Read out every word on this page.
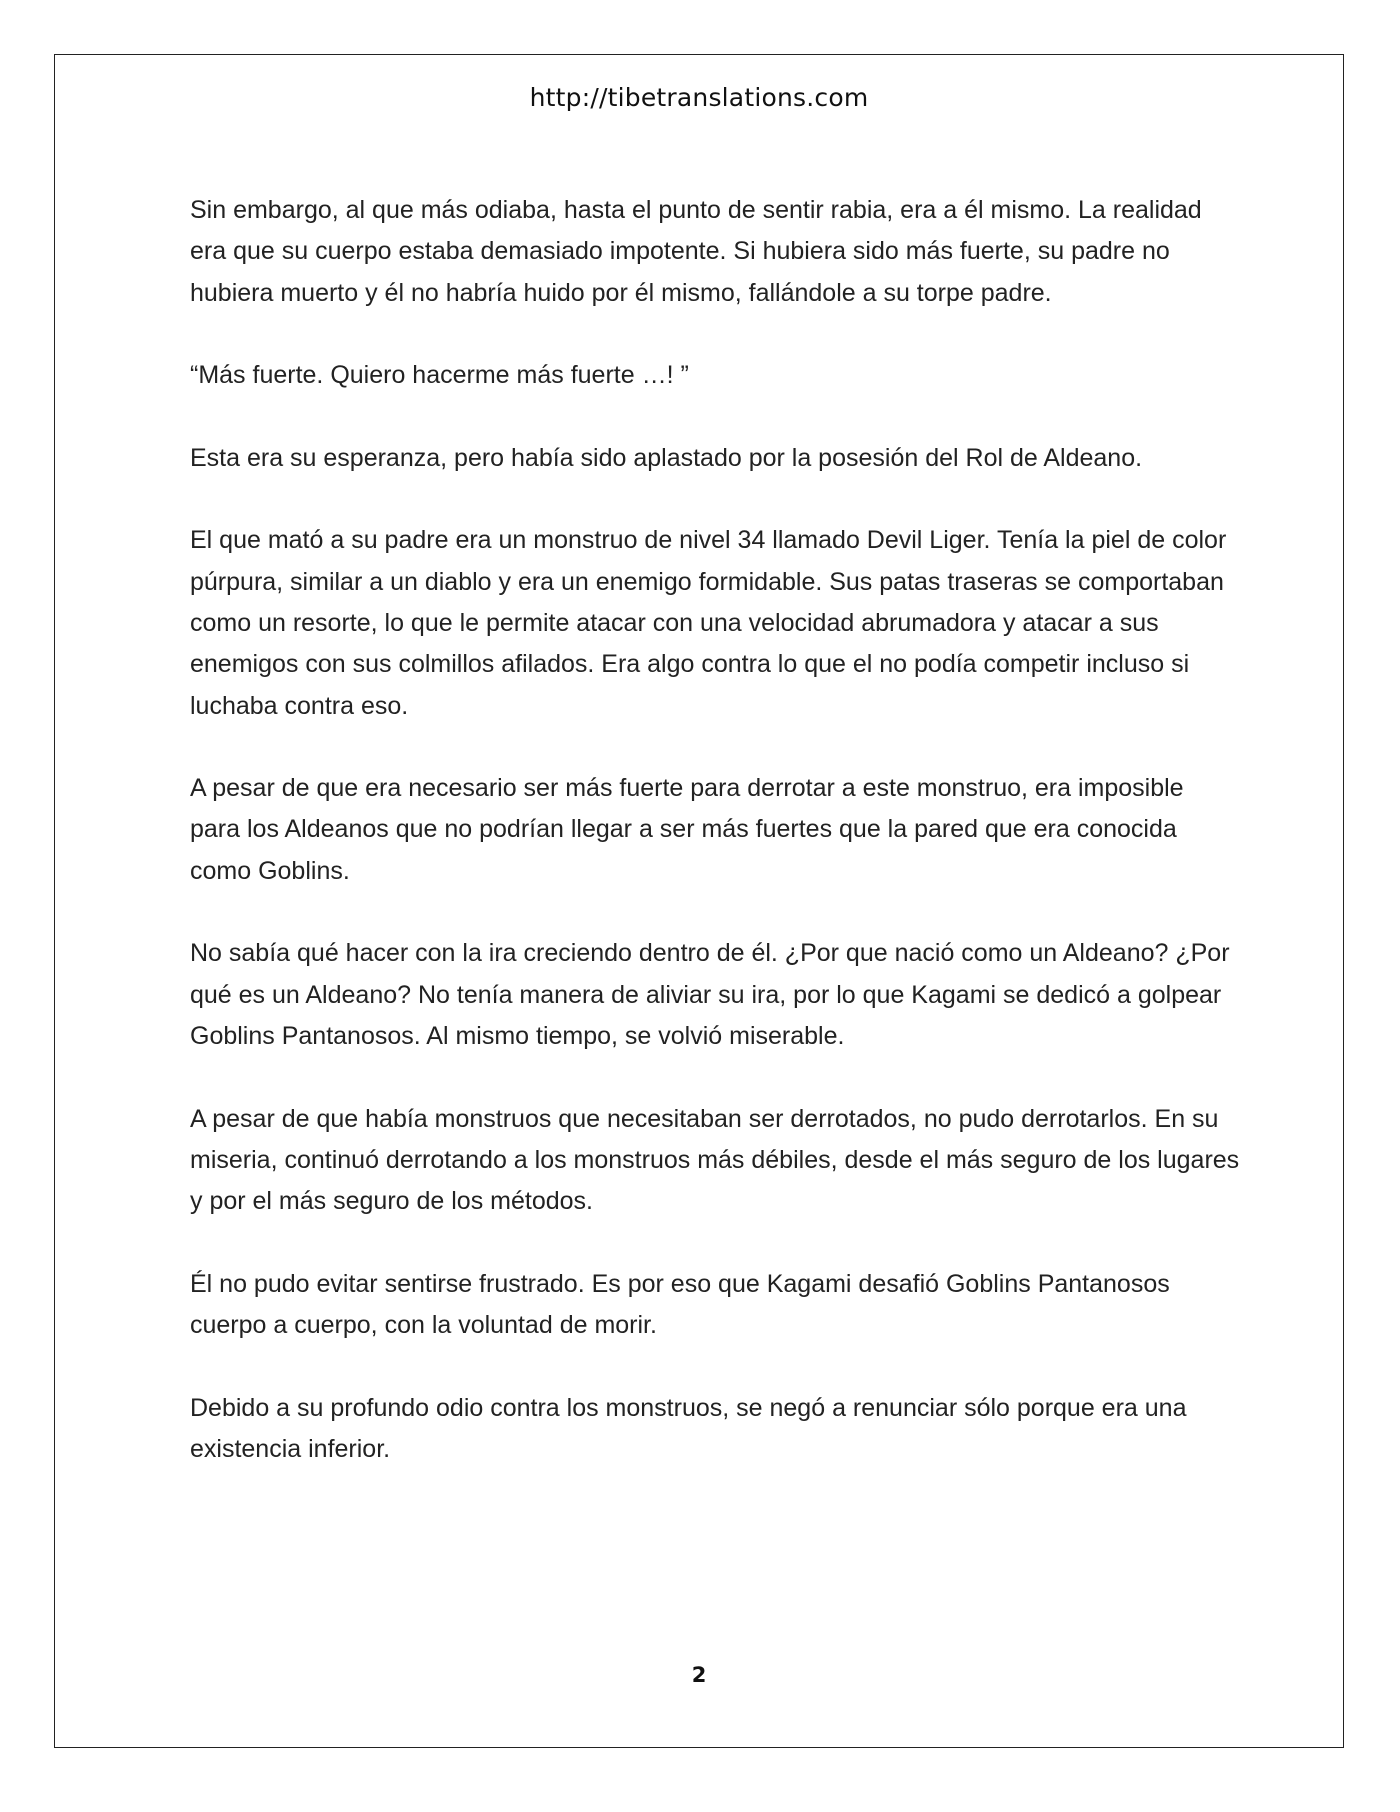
http://tibetranslations.com

Sin embargo, al que más odiaba, hasta el punto de sentir rabia, era a él mismo. La realidad era que su cuerpo estaba demasiado impotente. Si hubiera sido más fuerte, su padre no hubiera muerto y él no habría huido por él mismo, fallándole a su torpe padre.

“Más fuerte. Quiero hacerme más fuerte …! ”

Esta era su esperanza, pero había sido aplastado por la posesión del Rol de Aldeano.

El que mató a su padre era un monstruo de nivel 34 llamado Devil Liger. Tenía la piel de color púrpura, similar a un diablo y era un enemigo formidable. Sus patas traseras se comportaban como un resorte, lo que le permite atacar con una velocidad abrumadora y atacar a sus enemigos con sus colmillos afilados. Era algo contra lo que el no podía competir incluso si luchaba contra eso.

A pesar de que era necesario ser más fuerte para derrotar a este monstruo, era imposible para los Aldeanos que no podrían llegar a ser más fuertes que la pared que era conocida como Goblins.

No sabía qué hacer con la ira creciendo dentro de él. ¿Por que nació como un Aldeano? ¿Por qué es un Aldeano? No tenía manera de aliviar su ira, por lo que Kagami se dedicó a golpear Goblins Pantanosos. Al mismo tiempo, se volvió miserable.

A pesar de que había monstruos que necesitaban ser derrotados, no pudo derrotarlos. En su miseria, continuó derrotando a los monstruos más débiles, desde el más seguro de los lugares y por el más seguro de los métodos.

Él no pudo evitar sentirse frustrado. Es por eso que Kagami desafió Goblins Pantanosos cuerpo a cuerpo, con la voluntad de morir.

Debido a su profundo odio contra los monstruos, se negó a renunciar sólo porque era una existencia inferior.

2
